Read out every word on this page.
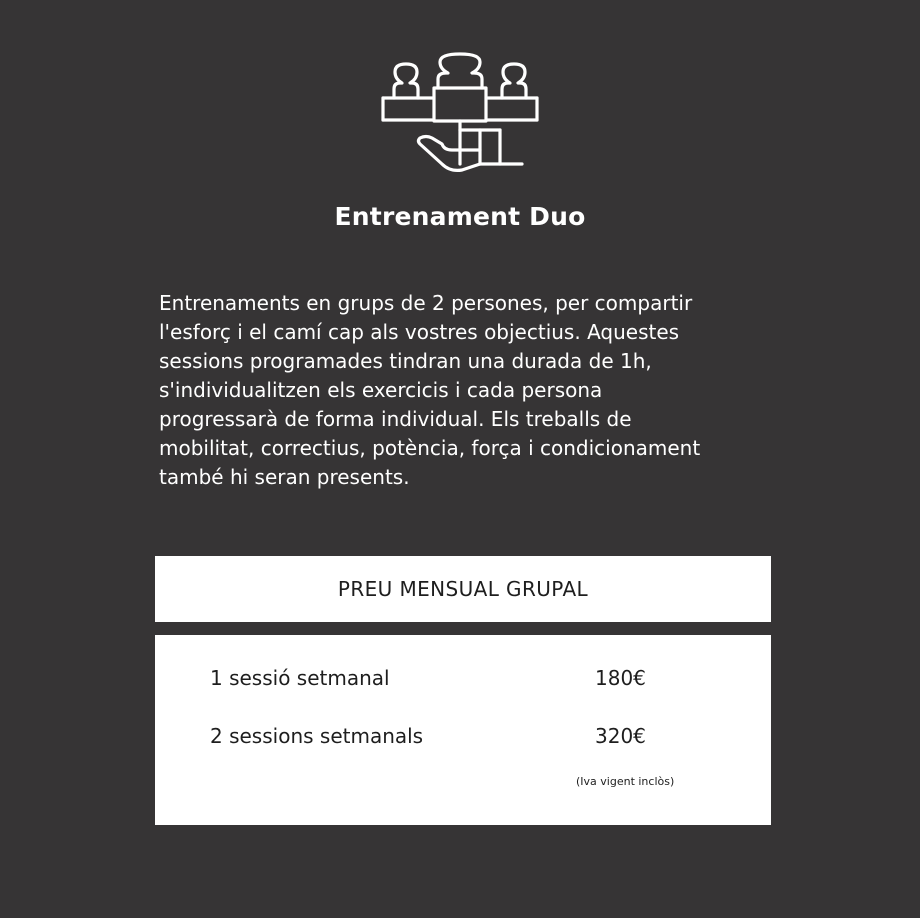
Entrenament Duo

Entrenaments en grups de 2 persones, per compartir
l'esforç i el camí cap als vostres objectius. Aquestes
sessions programades tindran una durada de 1h,
s'individualitzen els exercicis i cada persona
progressarà de forma individual. Els treballs de
mobilitat, correctius, potència, força i condicionament
també hi seran presents.

PREU MENSUAL GRUPAL
1 sessió setmanal	180€
2 sessions setmanals	320€
(Iva vigent inclòs)
